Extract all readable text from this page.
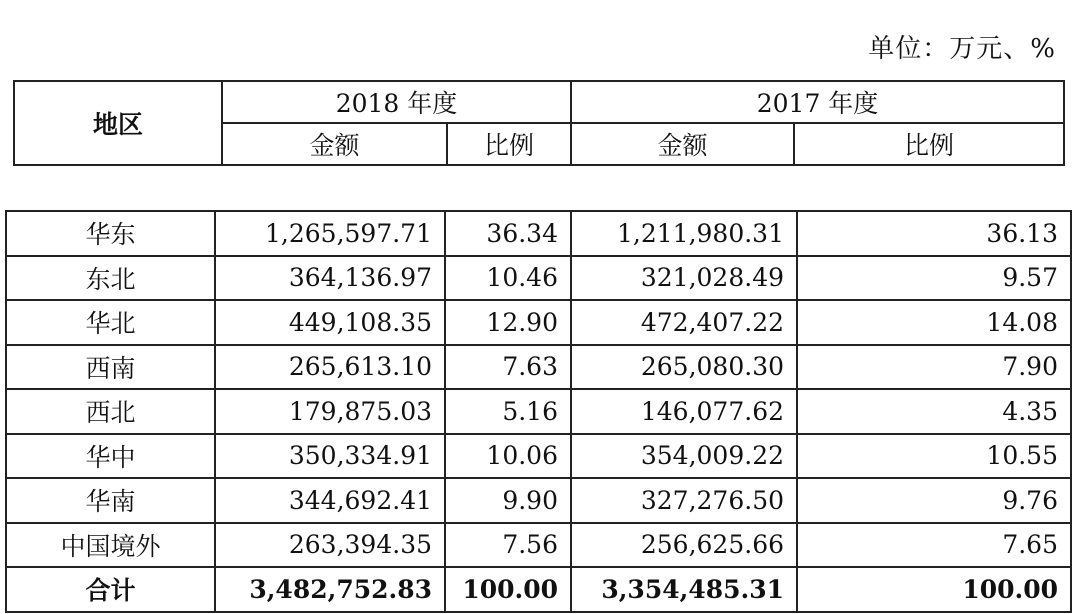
单位：万元、%
地区	2018 年度		2017 年度	
	金额	比例	金额	比例
华东	1,265,597.71	36.34	1,211,980.31	36.13
东北	364,136.97	10.46	321,028.49	9.57
华北	449,108.35	12.90	472,407.22	14.08
西南	265,613.10	7.63	265,080.30	7.90
西北	179,875.03	5.16	146,077.62	4.35
华中	350,334.91	10.06	354,009.22	10.55
华南	344,692.41	9.90	327,276.50	9.76
中国境外	263,394.35	7.56	256,625.66	7.65
合计	3,482,752.83	100.00	3,354,485.31	100.00
